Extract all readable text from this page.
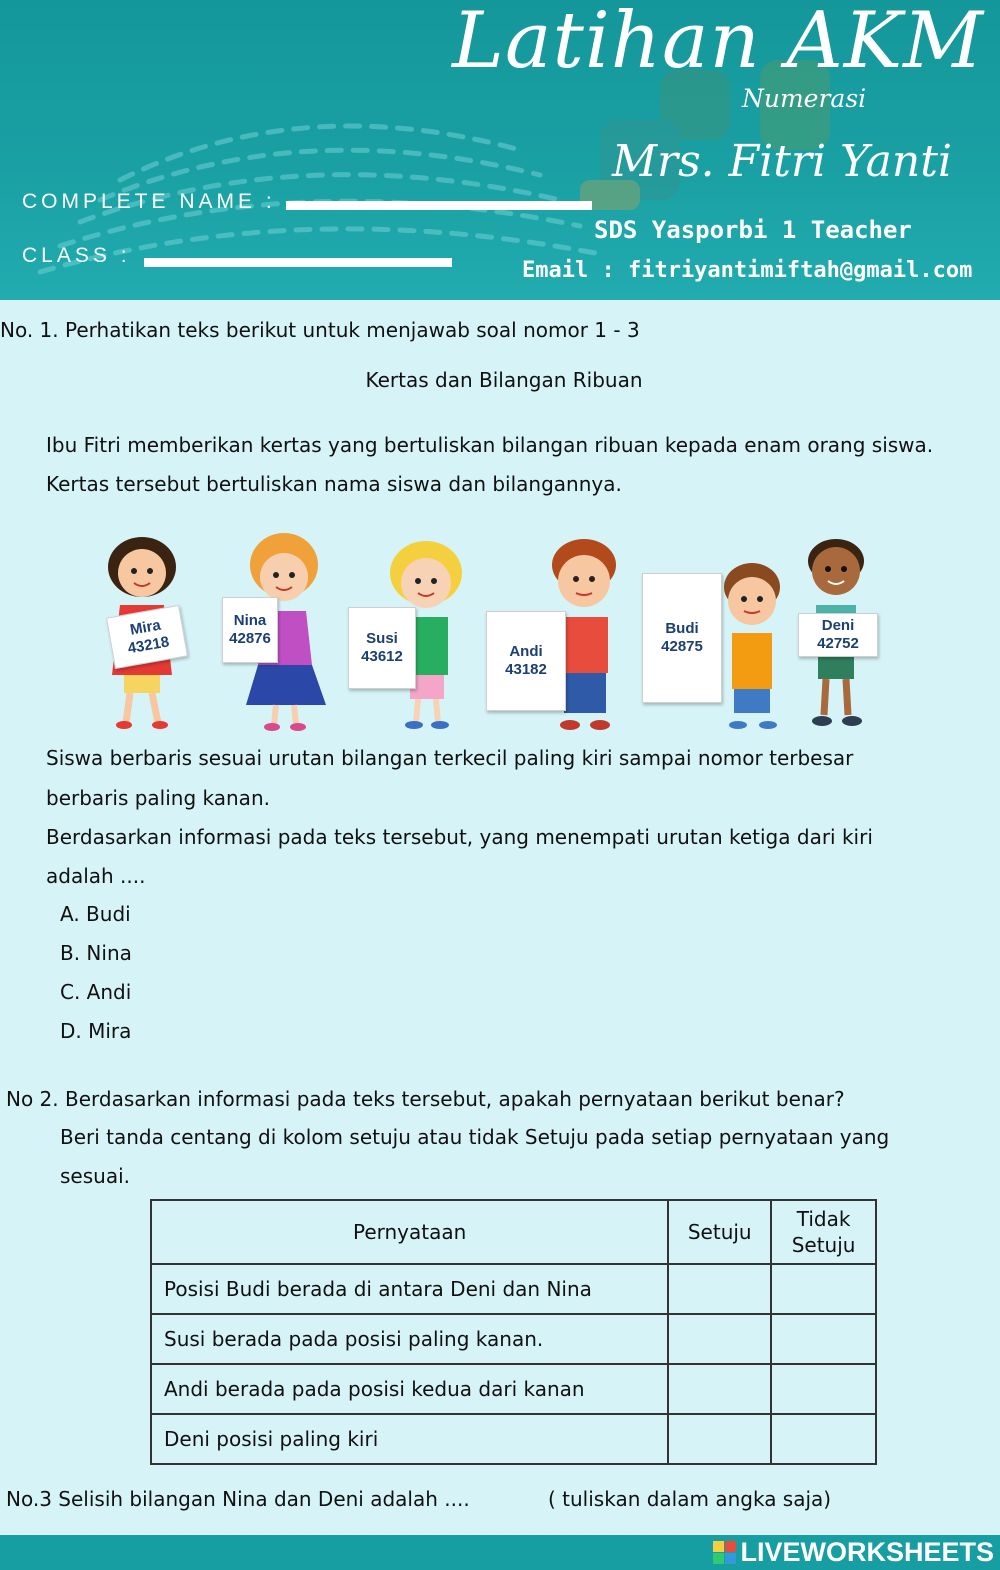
Latihan AKM
Numerasi
Mrs. Fitri Yanti
SDS Yasporbi 1 Teacher
Email : fitriyantimiftah@gmail.com
COMPLETE NAME :
CLASS :
No. 1. Perhatikan teks berikut untuk menjawab soal nomor 1 - 3
Kertas dan Bilangan Ribuan
Ibu Fitri memberikan kertas yang bertuliskan bilangan ribuan kepada enam orang siswa.
Kertas tersebut bertuliskan nama siswa dan bilangannya.
Mira
43218
Nina
42876	Susi
43612	Andi
43182
Budi
42875
Deni
42752
Siswa berbaris sesuai urutan bilangan terkecil paling kiri sampai nomor terbesar
berbaris paling kanan.
Berdasarkan informasi pada teks tersebut, yang menempati urutan ketiga dari kiri
adalah ....
A. Budi
B. Nina
C. Andi
D. Mira
No 2. Berdasarkan informasi pada teks tersebut, apakah pernyataan berikut benar?
Beri tanda centang di kolom setuju atau tidak Setuju pada setiap pernyataan yang
sesuai.
Pernyataan	Setuju	Tidak
Setuju

Posisi Budi berada di antara Deni dan Nina		
Susi berada pada posisi paling kanan.		
Andi berada pada posisi kedua dari kanan		
Deni posisi paling kiri		
No.3 Selisih bilangan Nina dan Deni adalah ....	( tuliskan dalam angka saja)
LIVEWORKSHEETS
